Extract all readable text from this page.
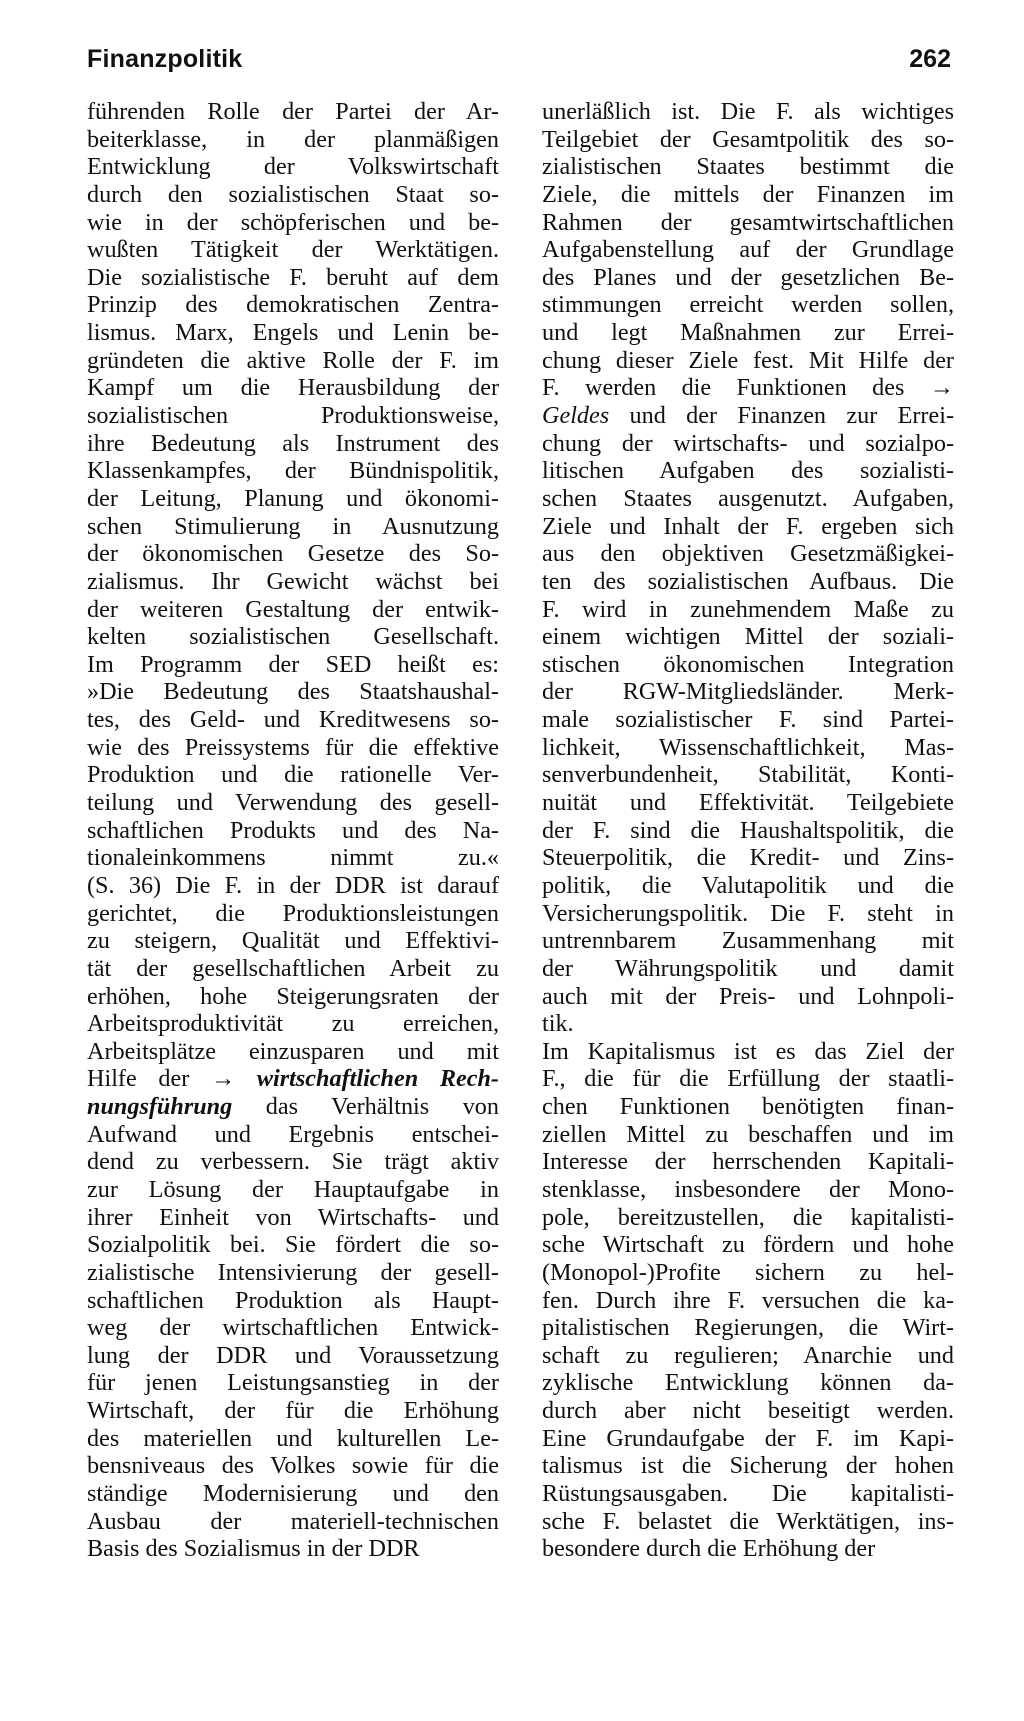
Finanzpolitik	262
führenden Rolle der Partei der Ar-
beiterklasse, in der planmäßigen
Entwicklung der Volkswirtschaft
durch den sozialistischen Staat so-
wie in der schöpferischen und be-
wußten Tätigkeit der Werktätigen.
Die sozialistische F. beruht auf dem
Prinzip des demokratischen Zentra-
lismus. Marx, Engels und Lenin be-
gründeten die aktive Rolle der F. im
Kampf um die Herausbildung der
sozialistischen Produktionsweise,
ihre Bedeutung als Instrument des
Klassenkampfes, der Bündnispolitik,
der Leitung, Planung und ökonomi-
schen Stimulierung in Ausnutzung
der ökonomischen Gesetze des So-
zialismus. Ihr Gewicht wächst bei
der weiteren Gestaltung der entwik-
kelten sozialistischen Gesellschaft.
Im Programm der SED heißt es:
»Die Bedeutung des Staatshaushal-
tes, des Geld- und Kreditwesens so-
wie des Preissystems für die effektive
Produktion und die rationelle Ver-
teilung und Verwendung des gesell-
schaftlichen Produkts und des Na-
tionaleinkommens nimmt zu.«
(S. 36) Die F. in der DDR ist darauf
gerichtet, die Produktionsleistungen
zu steigern, Qualität und Effektivi-
tät der gesellschaftlichen Arbeit zu
erhöhen, hohe Steigerungsraten der
Arbeitsproduktivität zu erreichen,
Arbeitsplätze einzusparen und mit
Hilfe der → wirtschaftlichen Rech-
nungsführung das Verhältnis von
Aufwand und Ergebnis entschei-
dend zu verbessern. Sie trägt aktiv
zur Lösung der Hauptaufgabe in
ihrer Einheit von Wirtschafts- und
Sozialpolitik bei. Sie fördert die so-
zialistische Intensivierung der gesell-
schaftlichen Produktion als Haupt-
weg der wirtschaftlichen Entwick-
lung der DDR und Voraussetzung
für jenen Leistungsanstieg in der
Wirtschaft, der für die Erhöhung
des materiellen und kulturellen Le-
bensniveaus des Volkes sowie für die
ständige Modernisierung und den
Ausbau der materiell-technischen
Basis des Sozialismus in der DDR
unerläßlich ist. Die F. als wichtiges
Teilgebiet der Gesamtpolitik des so-
zialistischen Staates bestimmt die
Ziele, die mittels der Finanzen im
Rahmen der gesamtwirtschaftlichen
Aufgabenstellung auf der Grundlage
des Planes und der gesetzlichen Be-
stimmungen erreicht werden sollen,
und legt Maßnahmen zur Errei-
chung dieser Ziele fest. Mit Hilfe der
F. werden die Funktionen des →
Geldes und der Finanzen zur Errei-
chung der wirtschafts- und sozialpo-
litischen Aufgaben des sozialisti-
schen Staates ausgenutzt. Aufgaben,
Ziele und Inhalt der F. ergeben sich
aus den objektiven Gesetzmäßigkei-
ten des sozialistischen Aufbaus. Die
F. wird in zunehmendem Maße zu
einem wichtigen Mittel der soziali-
stischen ökonomischen Integration
der RGW-Mitgliedsländer. Merk-
male sozialistischer F. sind Partei-
lichkeit, Wissenschaftlichkeit, Mas-
senverbundenheit, Stabilität, Konti-
nuität und Effektivität. Teilgebiete
der F. sind die Haushaltspolitik, die
Steuerpolitik, die Kredit- und Zins-
politik, die Valutapolitik und die
Versicherungspolitik. Die F. steht in
untrennbarem Zusammenhang mit
der Währungspolitik und damit
auch mit der Preis- und Lohnpoli-
tik.
Im Kapitalismus ist es das Ziel der
F., die für die Erfüllung der staatli-
chen Funktionen benötigten finan-
ziellen Mittel zu beschaffen und im
Interesse der herrschenden Kapitali-
stenklasse, insbesondere der Mono-
pole, bereitzustellen, die kapitalisti-
sche Wirtschaft zu fördern und hohe
(Monopol-)Profite sichern zu hel-
fen. Durch ihre F. versuchen die ka-
pitalistischen Regierungen, die Wirt-
schaft zu regulieren; Anarchie und
zyklische Entwicklung können da-
durch aber nicht beseitigt werden.
Eine Grundaufgabe der F. im Kapi-
talismus ist die Sicherung der hohen
Rüstungsausgaben. Die kapitalisti-
sche F. belastet die Werktätigen, ins-
besondere durch die Erhöhung der
